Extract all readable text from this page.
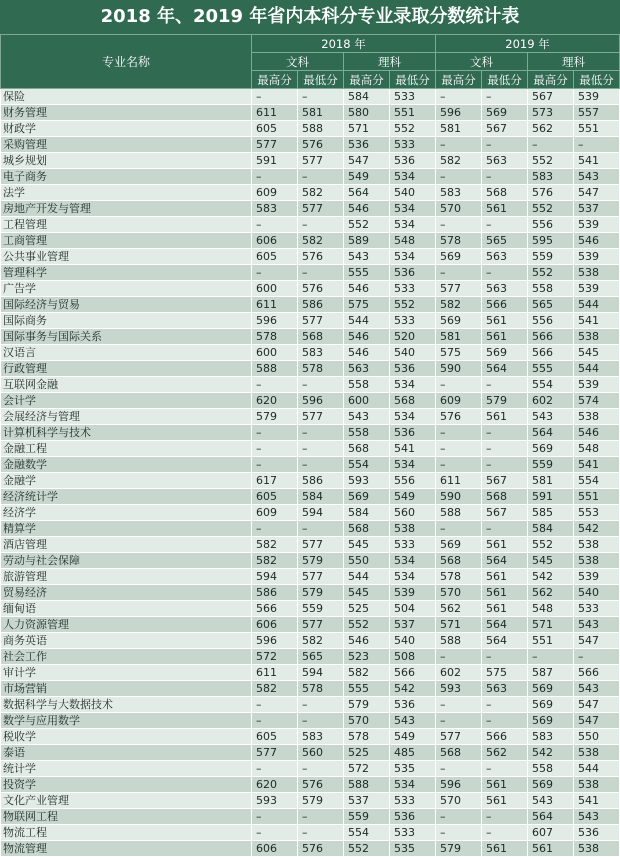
2018 年、2019 年省内本科分专业录取分数统计表
专业名称	2018 年				2019 年			
	文科		理科		文科		理科	
	最高分	最低分	最高分	最低分	最高分	最低分	最高分	最低分
保险	–	–	584	533	–	–	567	539
财务管理	611	581	580	551	596	569	573	557
财政学	605	588	571	552	581	567	562	551
采购管理	577	576	536	533	–	–	–	–
城乡规划	591	577	547	536	582	563	552	541
电子商务	–	–	549	534	–	–	583	543
法学	609	582	564	540	583	568	576	547
房地产开发与管理	583	577	546	534	570	561	552	537
工程管理	–	–	552	534	–	–	556	539
工商管理	606	582	589	548	578	565	595	546
公共事业管理	605	576	543	534	569	563	559	539
管理科学	–	–	555	536	–	–	552	538
广告学	600	576	546	533	577	563	558	539
国际经济与贸易	611	586	575	552	582	566	565	544
国际商务	596	577	544	533	569	561	556	541
国际事务与国际关系	578	568	546	520	581	561	566	538
汉语言	600	583	546	540	575	569	566	545
行政管理	588	578	563	536	590	564	555	544
互联网金融	–	–	558	534	–	–	554	539
会计学	620	596	600	568	609	579	602	574
会展经济与管理	579	577	543	534	576	561	543	538
计算机科学与技术	–	–	558	536	–	–	564	546
金融工程	–	–	568	541	–	–	569	548
金融数学	–	–	554	534	–	–	559	541
金融学	617	586	593	556	611	567	581	554
经济统计学	605	584	569	549	590	568	591	551
经济学	609	594	584	560	588	567	585	553
精算学	–	–	568	538	–	–	584	542
酒店管理	582	577	545	533	569	561	552	538
劳动与社会保障	582	579	550	534	568	564	545	538
旅游管理	594	577	544	534	578	561	542	539
贸易经济	586	579	545	539	570	561	562	540
缅甸语	566	559	525	504	562	561	548	533
人力资源管理	606	577	552	537	571	564	571	543
商务英语	596	582	546	540	588	564	551	547
社会工作	572	565	523	508	–	–	–	–
审计学	611	594	582	566	602	575	587	566
市场营销	582	578	555	542	593	563	569	543
数据科学与大数据技术	–	–	579	536	–	–	569	547
数学与应用数学	–	–	570	543	–	–	569	547
税收学	605	583	578	549	577	566	583	550
泰语	577	560	525	485	568	562	542	538
统计学	–	–	572	535	–	–	558	544
投资学	620	576	588	534	596	561	569	538
文化产业管理	593	579	537	533	570	561	543	541
物联网工程	–	–	559	536	–	–	564	543
物流工程	–	–	554	533	–	–	607	536
物流管理	606	576	552	535	579	561	561	538
